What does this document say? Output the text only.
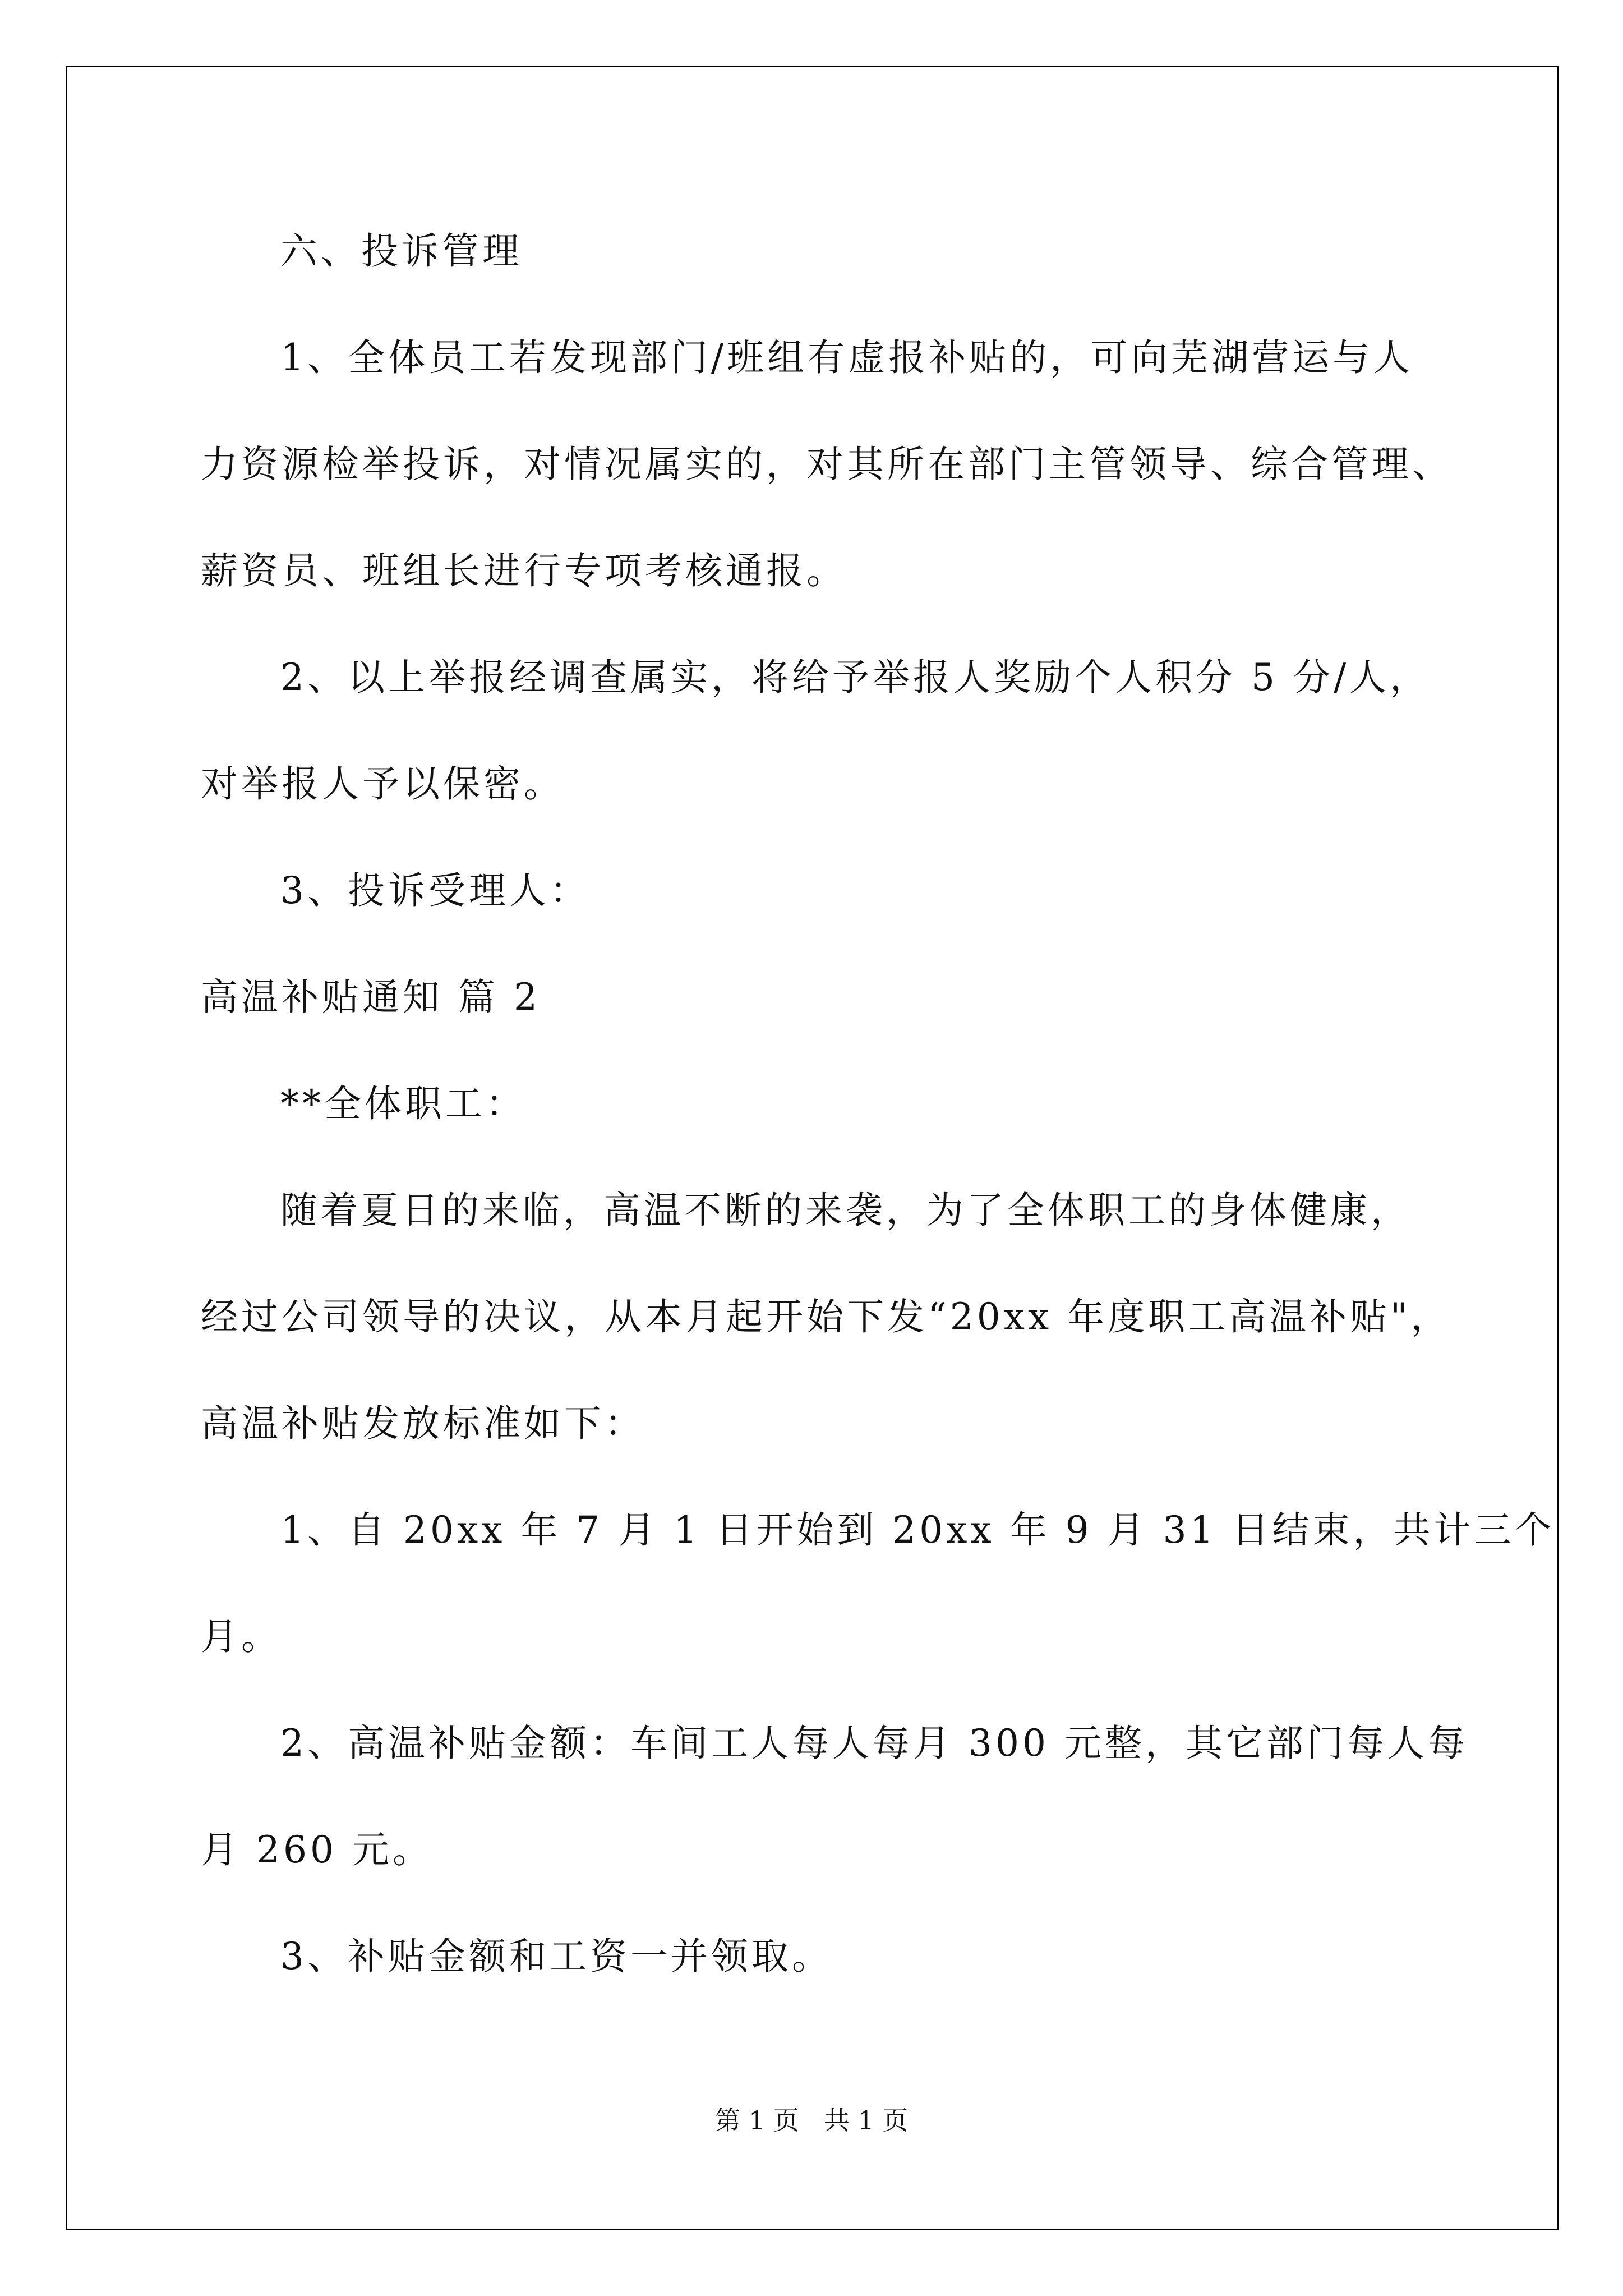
六、投诉管理
1、全体员工若发现部门/班组有虚报补贴的，可向芜湖营运与人
力资源检举投诉，对情况属实的，对其所在部门主管领导、综合管理、
薪资员、班组长进行专项考核通报。
2、以上举报经调查属实，将给予举报人奖励个人积分 5 分/人，
对举报人予以保密。
3、投诉受理人：
高温补贴通知 篇 2
**全体职工：
随着夏日的来临，高温不断的来袭，为了全体职工的身体健康，
经过公司领导的决议，从本月起开始下发“20xx 年度职工高温补贴"，
高温补贴发放标准如下：
1、自 20xx 年 7 月 1 日开始到 20xx 年 9 月 31 日结束，共计三个
月。
2、高温补贴金额：车间工人每人每月 300 元整，其它部门每人每
月 260 元。
3、补贴金额和工资一并领取。
第 1 页   共 1 页
